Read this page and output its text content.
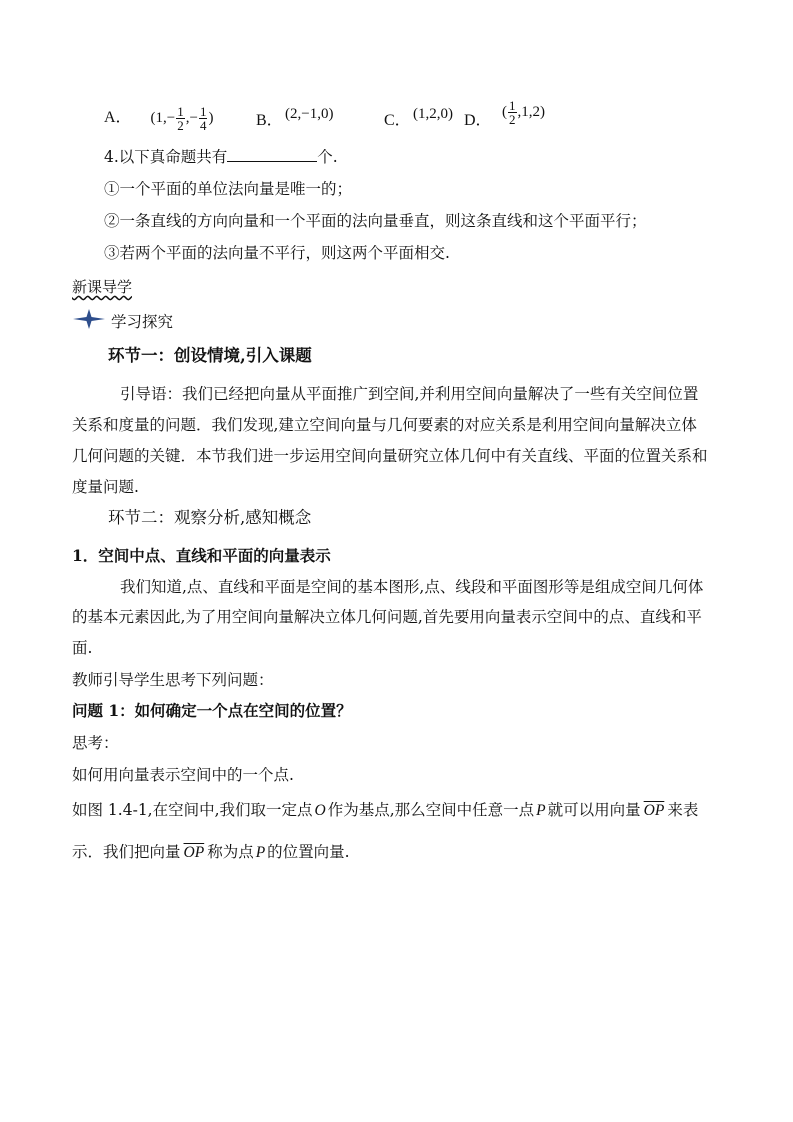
A． ($1,- \frac{1}{2}$ ,− $\frac{1}{4}$ )	B． (2,−1,0)	C． (1,2,0) D．
( $\frac{1}{2} ,1,2$)
4.以下真命题共有	个.
①一个平面的单位法向量是唯一的；
②一条直线的方向向量和一个平面的法向量垂直，则这条直线和这个平面平行；
③若两个平面的法向量不平行，则这两个平面相交.
新课导学
学习探究
环节一：创设情境,引入课题
引导语：我们已经把向量从平面推广到空间,并利用空间向量解决了一些有关空间位置
关系和度量的问题．我们发现,建立空间向量与几何要素的对应关系是利用空间向量解决立体
几何问题的关键．本节我们进一步运用空间向量研究立体几何中有关直线、平面的位置关系和
度量问题.
环节二：观察分析,感知概念
1．空间中点、直线和平面的向量表示
我们知道,点、直线和平面是空间的基本图形,点、线段和平面图形等是组成空间几何体
的基本元素因此,为了用空间向量解决立体几何问题,首先要用向量表示空间中的点、直线和平
面.
教师引导学生思考下列问题：
问题 1：如何确定一个点在空间的位置？
思考：
如何用向量表示空间中的一个点.
如图 1.4-1,在空间中,我们取一定点 O 作为基点,那么空间中任意一点 P 就可以用向量 $\overline{OP}$ 来表
示．我们把向量 $\overline{OP}$ 称为点 P 的位置向量.
